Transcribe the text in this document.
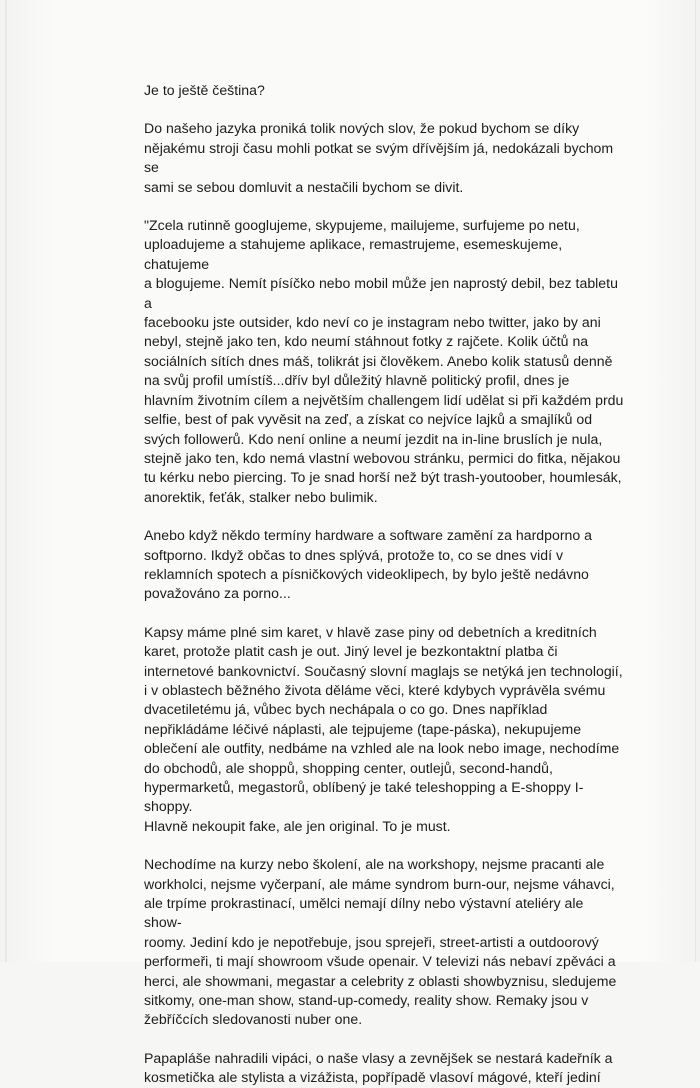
Je to ještě čeština?
Do našeho jazyka proniká tolik nových slov, že pokud bychom se díky
nějakému stroji času mohli potkat se svým dřívějším já, nedokázali bychom se
sami se sebou domluvit a nestačili bychom se divit.
"Zcela rutinně googlujeme, skypujeme, mailujeme, surfujeme po netu,
uploadujeme a stahujeme aplikace, remastrujeme, esemeskujeme, chatujeme
a blogujeme. Nemít písíčko nebo mobil může jen naprostý debil, bez tabletu a
facebooku jste outsider, kdo neví co je instagram nebo twitter, jako by ani
nebyl, stejně jako ten, kdo neumí stáhnout fotky z rajčete. Kolik účtů na
sociálních sítích dnes máš, tolikrát jsi člověkem. Anebo kolik statusů denně
na svůj profil umístíš...dřív byl důležitý hlavně politický profil, dnes je
hlavním životním cílem a největším challengem lidí udělat si při každém prdu
selfie, best of pak vyvěsit na zeď, a získat co nejvíce lajků a smajlíků od
svých followerů. Kdo není online a neumí jezdit na in-line bruslích je nula,
stejně jako ten, kdo nemá vlastní webovou stránku, permici do fitka, nějakou
tu kérku nebo piercing. To je snad horší než být trash-youtoober, houmlesák,
anorektik, feťák, stalker nebo bulimik.
Anebo když někdo termíny hardware a software zamění za hardporno a
softporno. Ikdyž občas to dnes splývá, protože to, co se dnes vidí v
reklamních spotech a písničkových videoklipech, by bylo ještě nedávno
považováno za porno...
Kapsy máme plné sim karet, v hlavě zase piny od debetních a kreditních
karet, protože platit cash je out. Jiný level je bezkontaktní platba či
internetové bankovnictví. Současný slovní maglajs se netýká jen technologií,
i v oblastech běžného života děláme věci, které kdybych vyprávěla svému
dvacetiletému já, vůbec bych nechápala o co go. Dnes například
nepřikládáme léčivé náplasti, ale tejpujeme (tape-páska), nekupujeme
oblečení ale outfity, nedbáme na vzhled ale na look nebo image, nechodíme
do obchodů, ale shoppů, shopping center, outlejů, second-handů,
hypermarketů, megastorů, oblíbený je také teleshopping a E-shoppy I-shoppy.
Hlavně nekoupit fake, ale jen original. To je must.
Nechodíme na kurzy nebo školení, ale na workshopy, nejsme pracanti ale
workholci, nejsme vyčerpaní, ale máme syndrom burn-our, nejsme váhavci,
ale trpíme prokrastinací, umělci nemají dílny nebo výstavní ateliéry ale show-
roomy. Jediní kdo je nepotřebuje, jsou sprejeři, street-artisti a outdoorový
performeři, ti mají showroom všude openair. V televizi nás nebaví zpěváci a
herci, ale showmani, megastar a celebrity z oblasti showbyznisu, sledujeme
sitkomy, one-man show, stand-up-comedy, reality show. Remaky jsou v
žebříčcích sledovanosti nuber one.
Papapláše nahradili vipáci, o naše vlasy a zevnějšek se nestará kadeřník a
kosmetička ale stylista a vizážista, popřípadě vlasoví mágové, kteří jediní
